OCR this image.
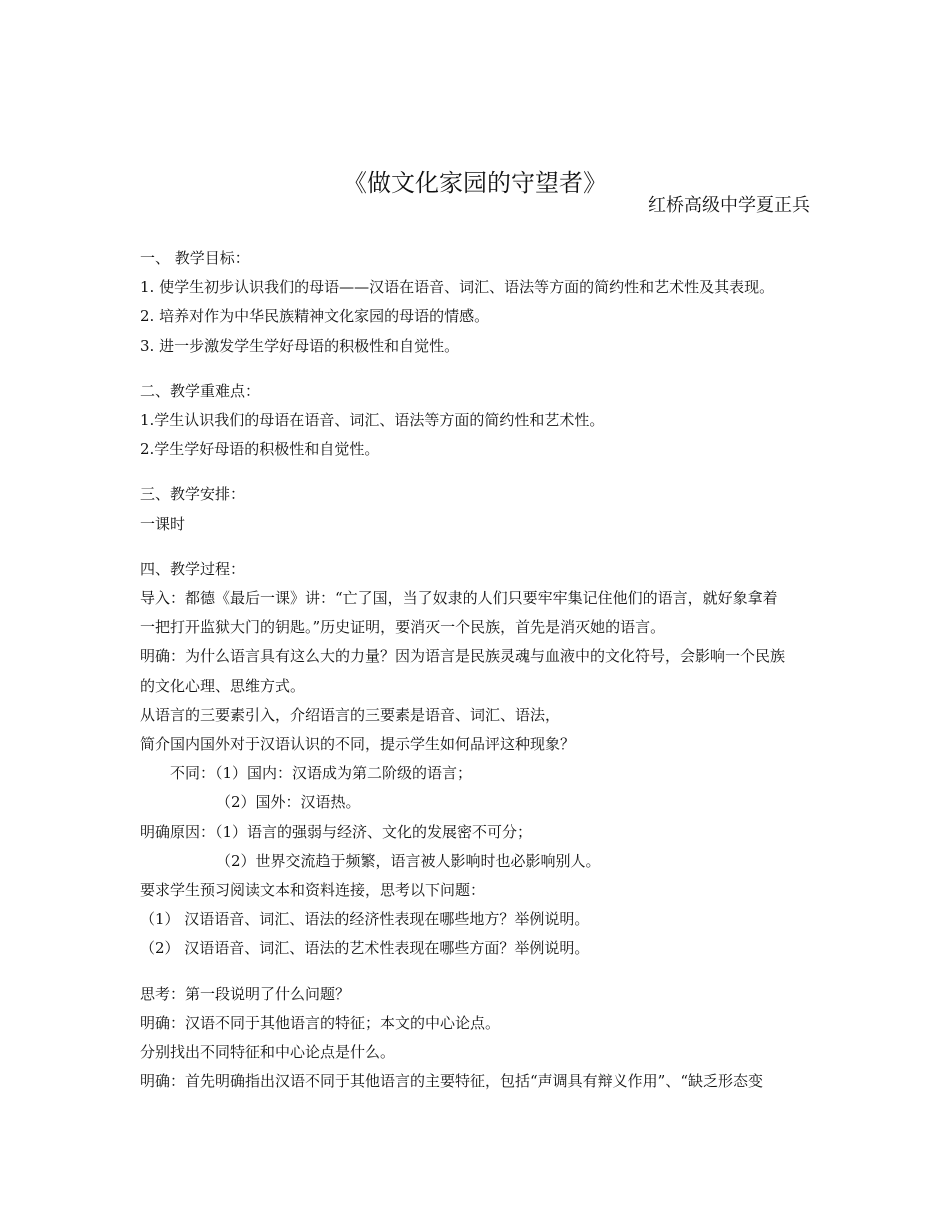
《做文化家园的守望者》
红桥高级中学夏正兵
一、 教学目标：
1. 使学生初步认识我们的母语——汉语在语音、词汇、语法等方面的简约性和艺术性及其表现。
2. 培养对作为中华民族精神文化家园的母语的情感。
3. 进一步激发学生学好母语的积极性和自觉性。
二、教学重难点：
1.学生认识我们的母语在语音、词汇、语法等方面的简约性和艺术性。
2.学生学好母语的积极性和自觉性。
三、教学安排：
一课时
四、教学过程：
导入：都德《最后一课》讲：“亡了国，当了奴隶的人们只要牢牢集记住他们的语言，就好象拿着
一把打开监狱大门的钥匙。”历史证明，要消灭一个民族，首先是消灭她的语言。
明确：为什么语言具有这么大的力量？因为语言是民族灵魂与血液中的文化符号，会影响一个民族
的文化心理、思维方式。
从语言的三要素引入，介绍语言的三要素是语音、词汇、语法，
简介国内国外对于汉语认识的不同，提示学生如何品评这种现象？
不同：（1）国内：汉语成为第二阶级的语言；
（2）国外：汉语热。
明确原因：（1）语言的强弱与经济、文化的发展密不可分；
（2）世界交流趋于频繁，语言被人影响时也必影响别人。
要求学生预习阅读文本和资料连接，思考以下问题：
（1） 汉语语音、词汇、语法的经济性表现在哪些地方？举例说明。
（2） 汉语语音、词汇、语法的艺术性表现在哪些方面？举例说明。
思考：第一段说明了什么问题？
明确：汉语不同于其他语言的特征；本文的中心论点。
分别找出不同特征和中心论点是什么。
明确：首先明确指出汉语不同于其他语言的主要特征，包括“声调具有辩义作用”、“缺乏形态变
